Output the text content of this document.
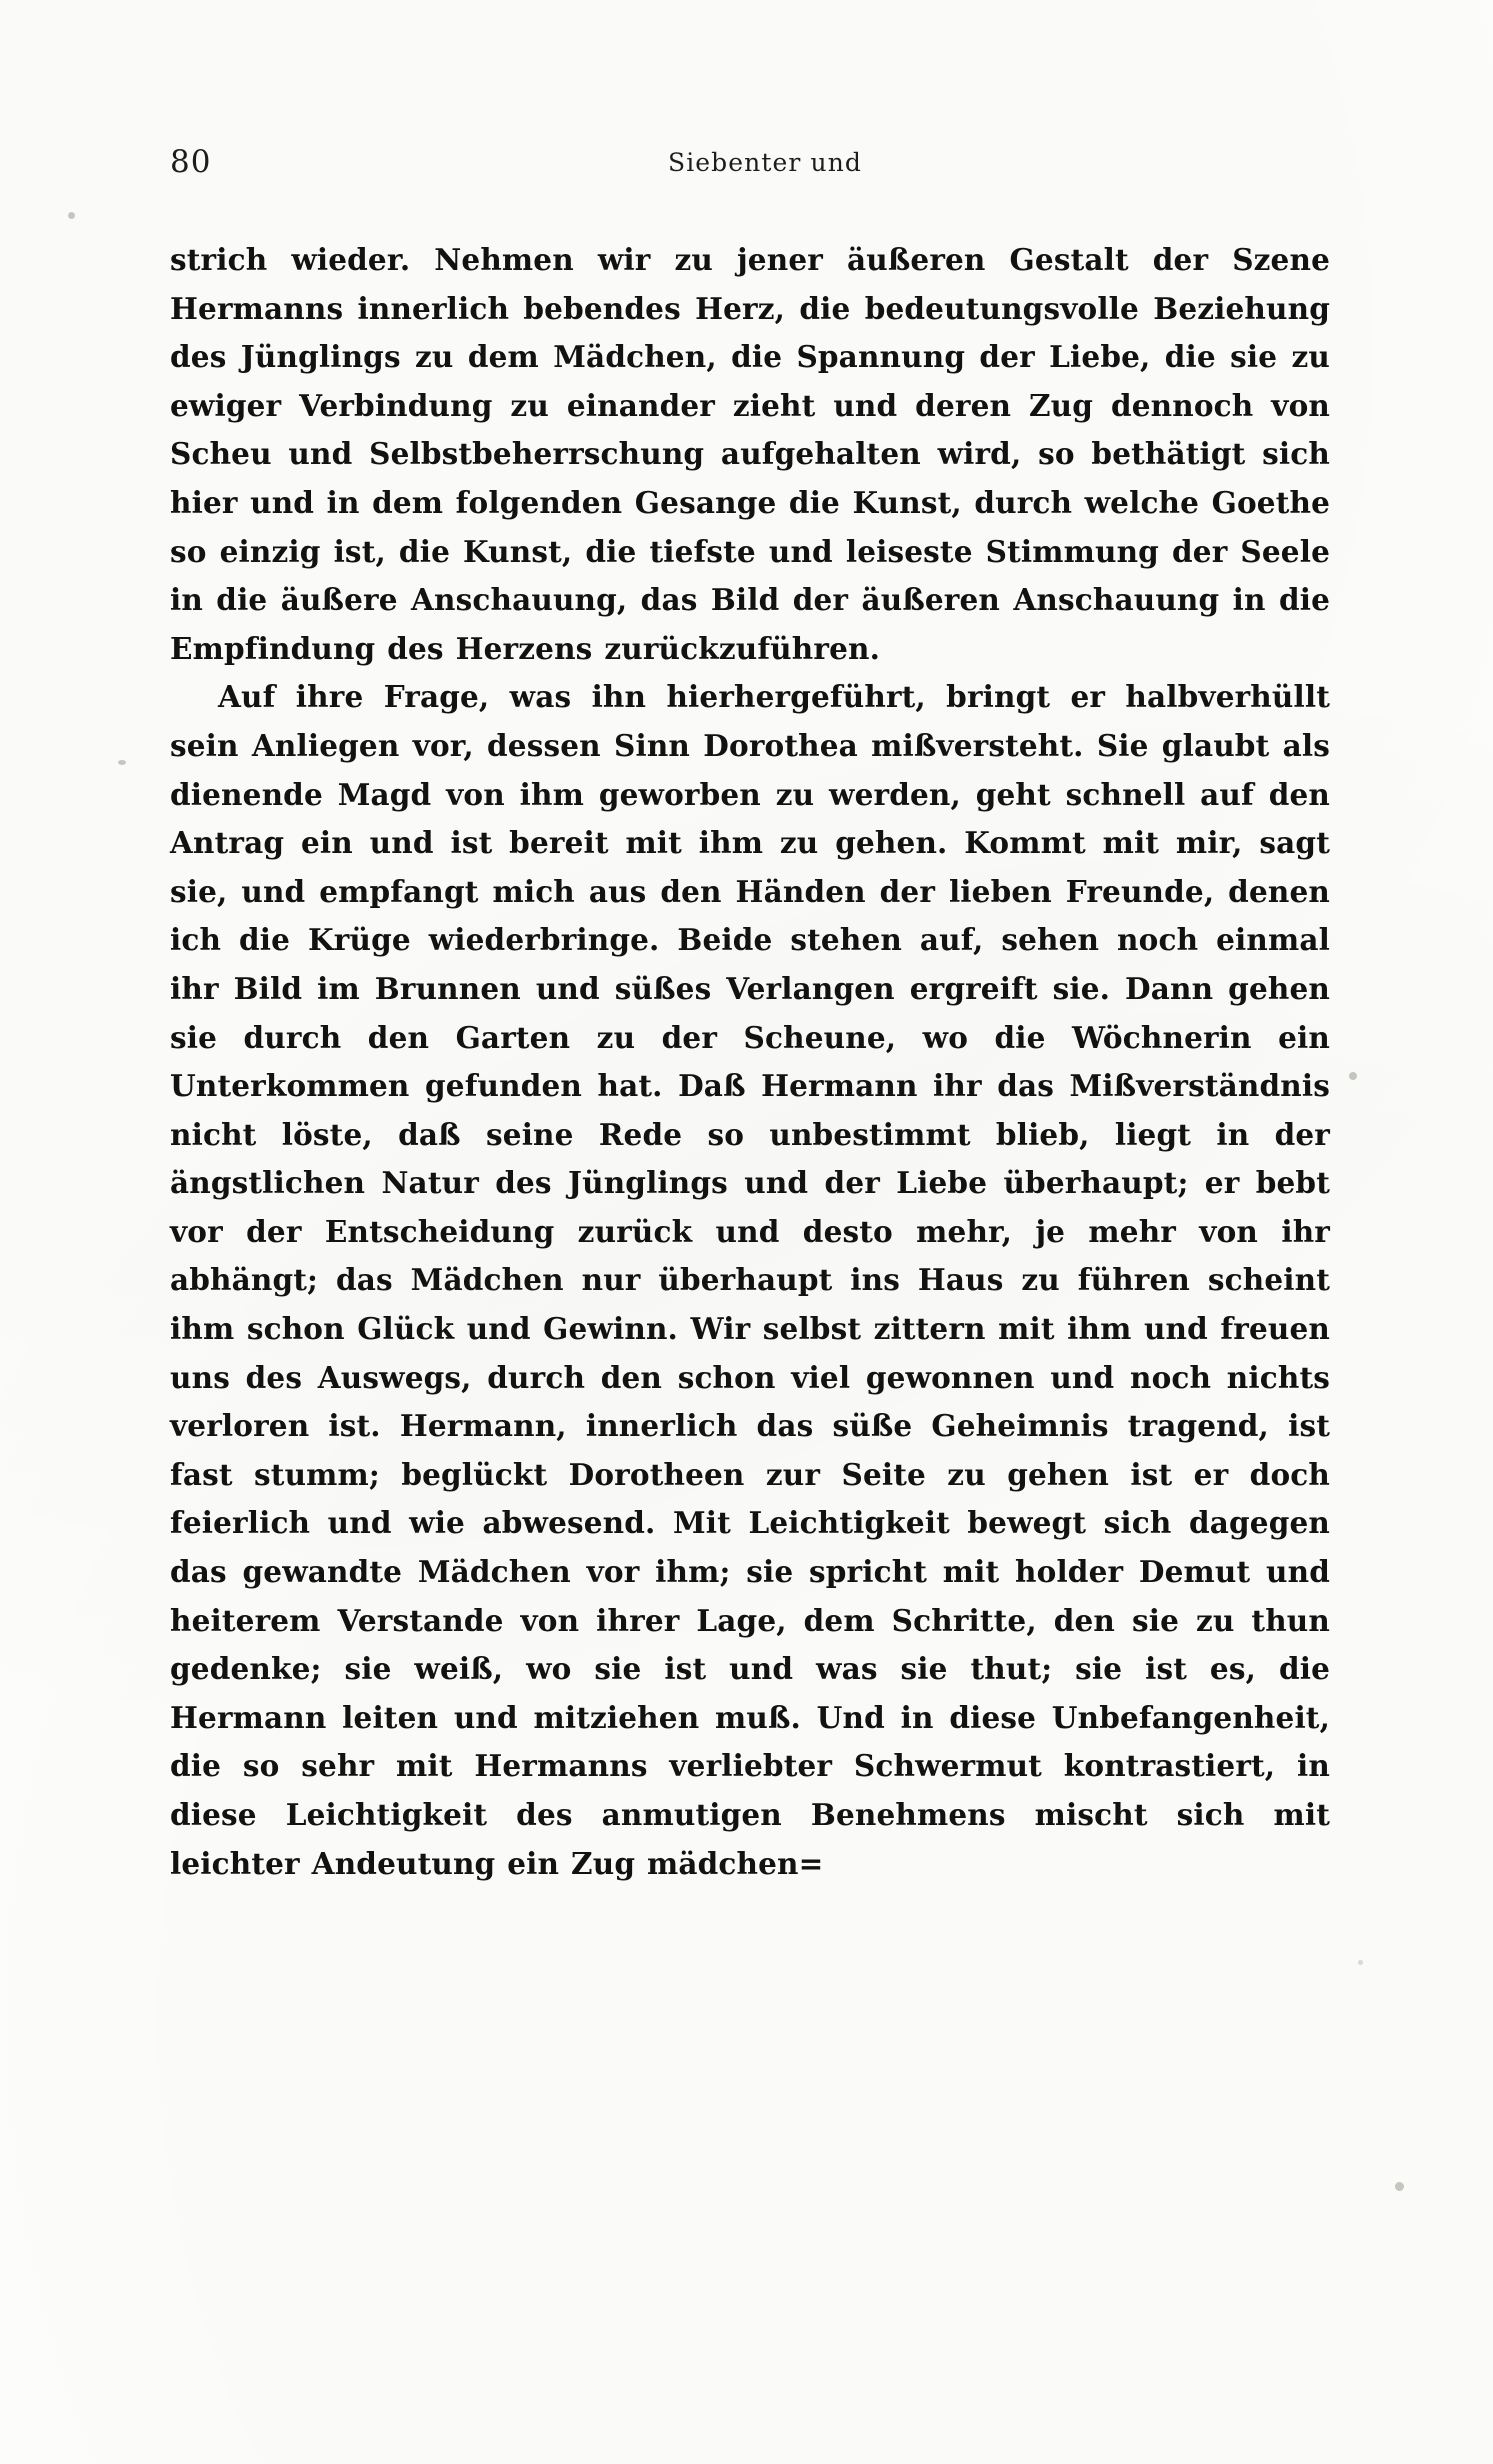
80	Siebenter und

strich wieder. Nehmen wir zu jener äußeren Gestalt der Szene Hermanns innerlich bebendes Herz, die bedeutungsvolle Beziehung des Jünglings zu dem Mädchen, die Spannung der Liebe, die sie zu ewiger Verbindung zu einander zieht und deren Zug dennoch von Scheu und Selbstbeherrschung aufgehalten wird, so bethätigt sich hier und in dem folgenden Gesange die Kunst, durch welche Goethe so einzig ist, die Kunst, die tiefste und leiseste Stimmung der Seele in die äußere Anschauung, das Bild der äußeren Anschauung in die Empfindung des Herzens zurückzuführen.

Auf ihre Frage, was ihn hierhergeführt, bringt er halbverhüllt sein Anliegen vor, dessen Sinn Dorothea mißversteht. Sie glaubt als dienende Magd von ihm geworben zu werden, geht schnell auf den Antrag ein und ist bereit mit ihm zu gehen. Kommt mit mir, sagt sie, und empfangt mich aus den Händen der lieben Freunde, denen ich die Krüge wiederbringe. Beide stehen auf, sehen noch einmal ihr Bild im Brunnen und süßes Verlangen ergreift sie. Dann gehen sie durch den Garten zu der Scheune, wo die Wöchnerin ein Unterkommen gefunden hat. Daß Hermann ihr das Mißverständnis nicht löste, daß seine Rede so unbestimmt blieb, liegt in der ängstlichen Natur des Jünglings und der Liebe überhaupt; er bebt vor der Entscheidung zurück und desto mehr, je mehr von ihr abhängt; das Mädchen nur überhaupt ins Haus zu führen scheint ihm schon Glück und Gewinn. Wir selbst zittern mit ihm und freuen uns des Auswegs, durch den schon viel gewonnen und noch nichts verloren ist. Hermann, innerlich das süße Geheimnis tragend, ist fast stumm; beglückt Dorotheen zur Seite zu gehen ist er doch feierlich und wie abwesend. Mit Leichtigkeit bewegt sich dagegen das gewandte Mädchen vor ihm; sie spricht mit holder Demut und heiterem Verstande von ihrer Lage, dem Schritte, den sie zu thun gedenke; sie weiß, wo sie ist und was sie thut; sie ist es, die Hermann leiten und mitziehen muß. Und in diese Unbefangenheit, die so sehr mit Hermanns verliebter Schwermut kontrastiert, in diese Leichtigkeit des anmutigen Benehmens mischt sich mit leichter Andeutung ein Zug mädchen=
